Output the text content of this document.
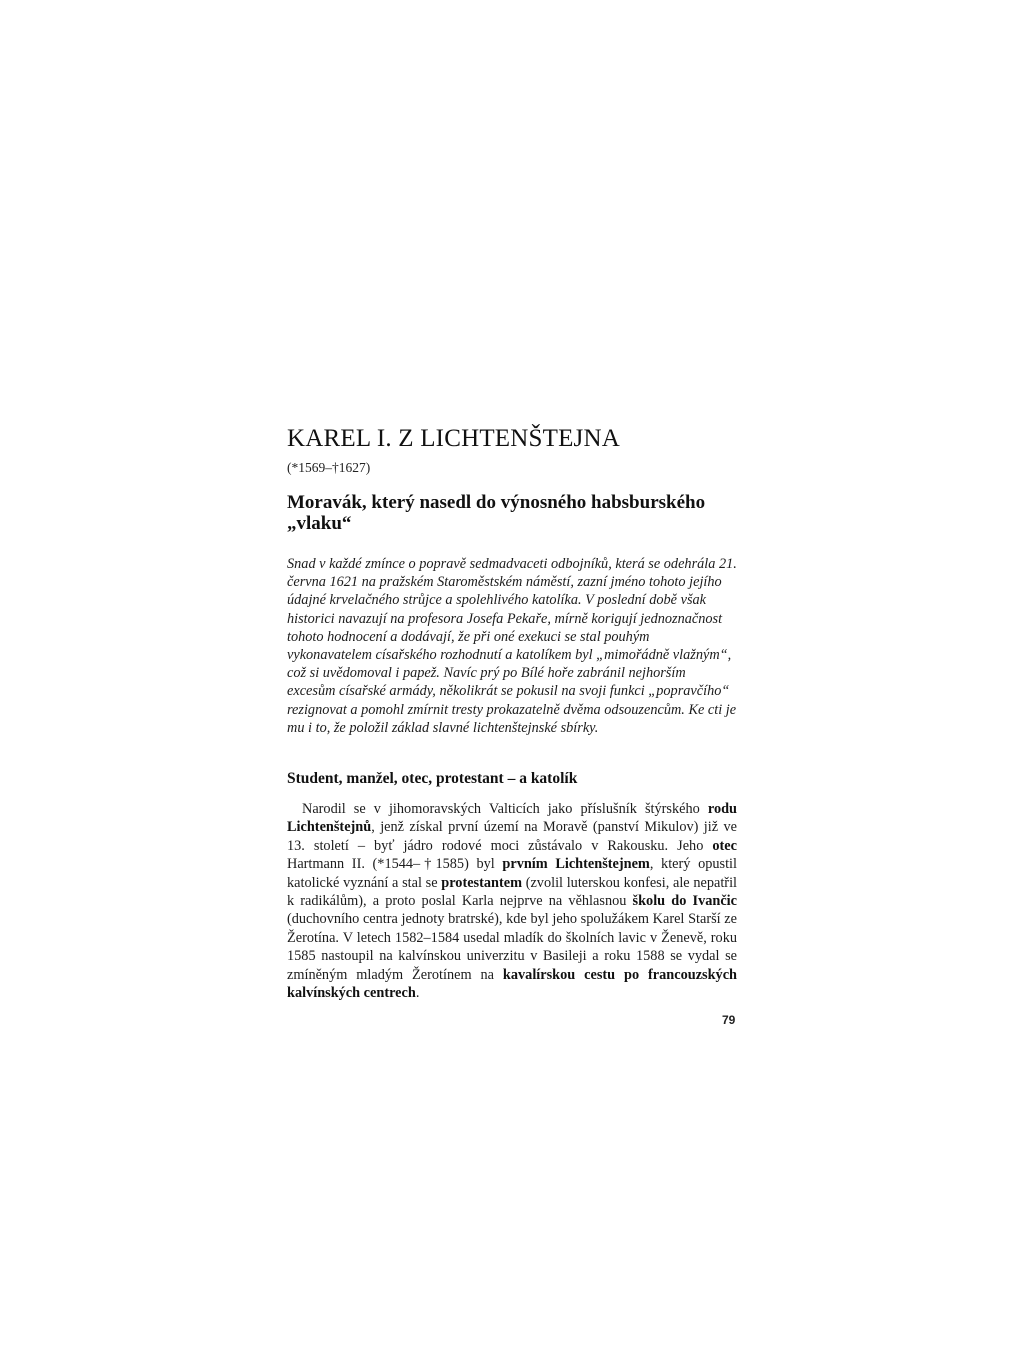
KAREL I. Z LICHTENŠTEJNA
(*1569–†1627)
Moravák, který nasedl do výnosného habsburského „vlaku“

Snad v každé zmínce o popravě sedmadvaceti odbojníků, která se odehrála 21. června 1621 na pražském Staroměstském náměstí, zazní jméno tohoto jejího údajné krvelačného strůjce a spolehlivého katolíka. V poslední době však historici navazují na profesora Josefa Pekaře, mírně korigují jednoznačnost tohoto hodnocení a dodávají, že při oné exekuci se stal pouhým vykonavatelem císařského rozhodnutí a katolíkem byl „mimořádně vlažným“, což si uvědomoval i papež. Navíc prý po Bílé hoře zabránil nejhorším excesům císařské armády, několikrát se pokusil na svoji funkci „popravčího“ rezignovat a pomohl zmírnit tresty prokazatelně dvěma odsouzencům. Ke cti je mu i to, že položil základ slavné lichtenštejnské sbírky.

Student, manžel, otec, protestant – a katolík

Narodil se v jihomoravských Valticích jako příslušník štýrského rodu Lichtenštejnů, jenž získal první území na Moravě (panství Mikulov) již ve 13. století – byť jádro rodové moci zůstávalo v Rakousku. Jeho otec Hartmann II. (*1544–†1585) byl prvním Lichtenštejnem, který opustil katolické vyznání a stal se protestantem (zvolil luterskou konfesi, ale nepatřil k radikálům), a proto poslal Karla nejprve na věhlasnou školu do Ivančic (duchovního centra jednoty bratrské), kde byl jeho spolužákem Karel Starší ze Žerotína. V letech 1582–1584 usedal mladík do školních lavic v Ženevě, roku 1585 nastoupil na kalvínskou univerzitu v Basileji a roku 1588 se vydal se zmíněným mladým Žerotínem na kavalírskou cestu po francouzských kalvínských centrech.

79
